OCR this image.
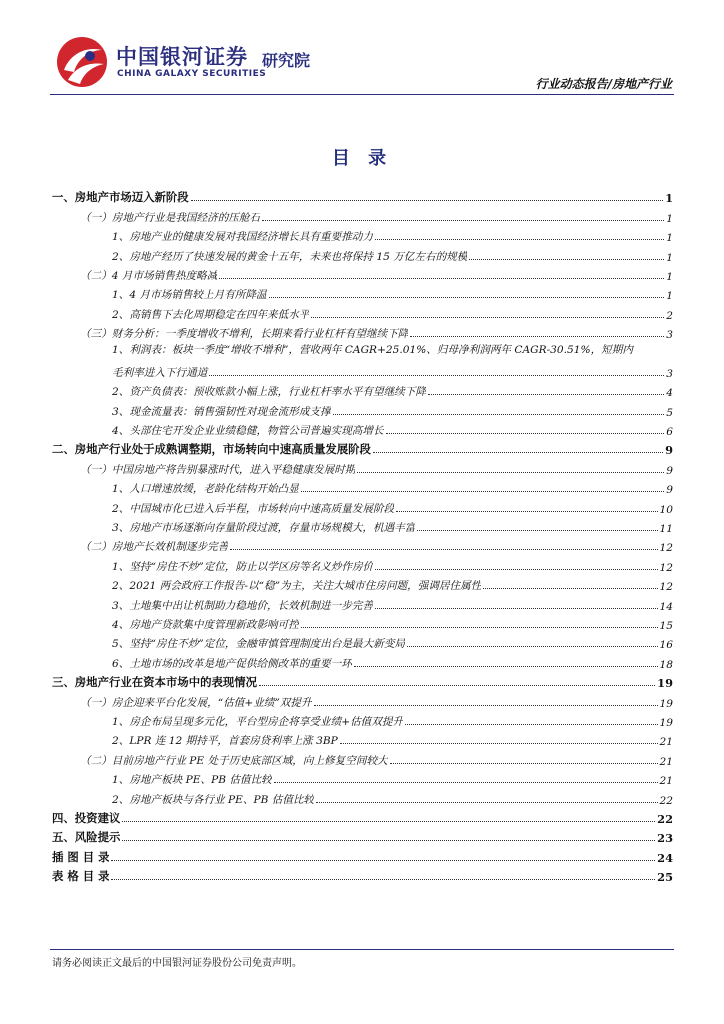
中国银河证券
CHINA GALAXY SECURITIES
研究院
行业动态报告/房地产行业
目 录
一、房地产市场迈入新阶段	1
（一）房地产行业是我国经济的压舱石	1
1、房地产业的健康发展对我国经济增长具有重要推动力	1
2、房地产经历了快速发展的黄金十五年，未来也将保持 15 万亿左右的规模	1
（二）4 月市场销售热度略减	1
1、4 月市场销售较上月有所降温	1
2、高销售下去化周期稳定在四年来低水平	2
（三）财务分析：一季度增收不增利，长期来看行业杠杆有望继续下降	3
1、利润表：板块一季度“增收不增利”，营收两年 CAGR+25.01%、归母净利润两年 CAGR-30.51%，短期内
毛利率进入下行通道	3
2、资产负债表：预收账款小幅上涨，行业杠杆率水平有望继续下降	4
3、现金流量表：销售强韧性对现金流形成支撑	5
4、头部住宅开发企业业绩稳健，物管公司普遍实现高增长	6
二、房地产行业处于成熟调整期，市场转向中速高质量发展阶段	9
（一）中国房地产将告别暴涨时代，进入平稳健康发展时期	9
1、人口增速放缓，老龄化结构开始凸显	9
2、中国城市化已进入后半程，市场转向中速高质量发展阶段	10
3、房地产市场逐渐向存量阶段过渡，存量市场规模大，机遇丰富	11
（二）房地产长效机制逐步完善	12
1、坚持“房住不炒”定位，防止以学区房等名义炒作房价	12
2、2021 两会政府工作报告-以“稳”为主，关注大城市住房问题，强调居住属性	12
3、土地集中出让机制助力稳地价，长效机制进一步完善	14
4、房地产贷款集中度管理新政影响可控	15
5、坚持“房住不炒”定位，金融审慎管理制度出台是最大新变局	16
6、土地市场的改革是地产促供给侧改革的重要一环	18
三、房地产行业在资本市场中的表现情况	19
（一）房企迎来平台化发展，“估值+业绩”双提升	19
1、房企布局呈现多元化，平台型房企将享受业绩+估值双提升	19
2、LPR 连 12 期持平，首套房贷利率上涨 3BP	21
（二）目前房地产行业 PE 处于历史底部区域，向上修复空间较大	21
1、房地产板块 PE、PB 估值比较	21
2、房地产板块与各行业 PE、PB 估值比较	22
四、投资建议	22
五、风险提示	23
插 图 目 录	24
表 格 目 录	25
请务必阅读正文最后的中国银河证券股份公司免责声明。
